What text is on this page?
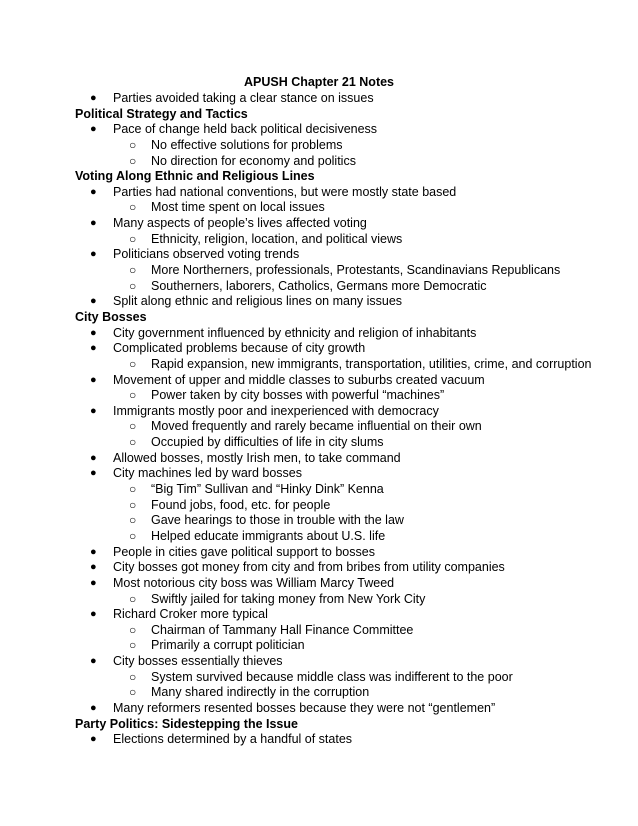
APUSH Chapter 21 Notes
● Parties avoided taking a clear stance on issues
Political Strategy and Tactics
● Pace of change held back political decisiveness
○ No effective solutions for problems
○ No direction for economy and politics
Voting Along Ethnic and Religious Lines
● Parties had national conventions, but were mostly state based
○ Most time spent on local issues
● Many aspects of people’s lives affected voting
○ Ethnicity, religion, location, and political views
● Politicians observed voting trends
○ More Northerners, professionals, Protestants, Scandinavians Republicans
○ Southerners, laborers, Catholics, Germans more Democratic
● Split along ethnic and religious lines on many issues
City Bosses
● City government influenced by ethnicity and religion of inhabitants
● Complicated problems because of city growth
○ Rapid expansion, new immigrants, transportation, utilities, crime, and corruption
● Movement of upper and middle classes to suburbs created vacuum
○ Power taken by city bosses with powerful “machines”
● Immigrants mostly poor and inexperienced with democracy
○ Moved frequently and rarely became influential on their own
○ Occupied by difficulties of life in city slums
● Allowed bosses, mostly Irish men, to take command
● City machines led by ward bosses
○ “Big Tim” Sullivan and “Hinky Dink” Kenna
○ Found jobs, food, etc. for people
○ Gave hearings to those in trouble with the law
○ Helped educate immigrants about U.S. life
● People in cities gave political support to bosses
● City bosses got money from city and from bribes from utility companies
● Most notorious city boss was William Marcy Tweed
○ Swiftly jailed for taking money from New York City
● Richard Croker more typical
○ Chairman of Tammany Hall Finance Committee
○ Primarily a corrupt politician
● City bosses essentially thieves
○ System survived because middle class was indifferent to the poor
○ Many shared indirectly in the corruption
● Many reformers resented bosses because they were not “gentlemen”
Party Politics: Sidestepping the Issue
● Elections determined by a handful of states
